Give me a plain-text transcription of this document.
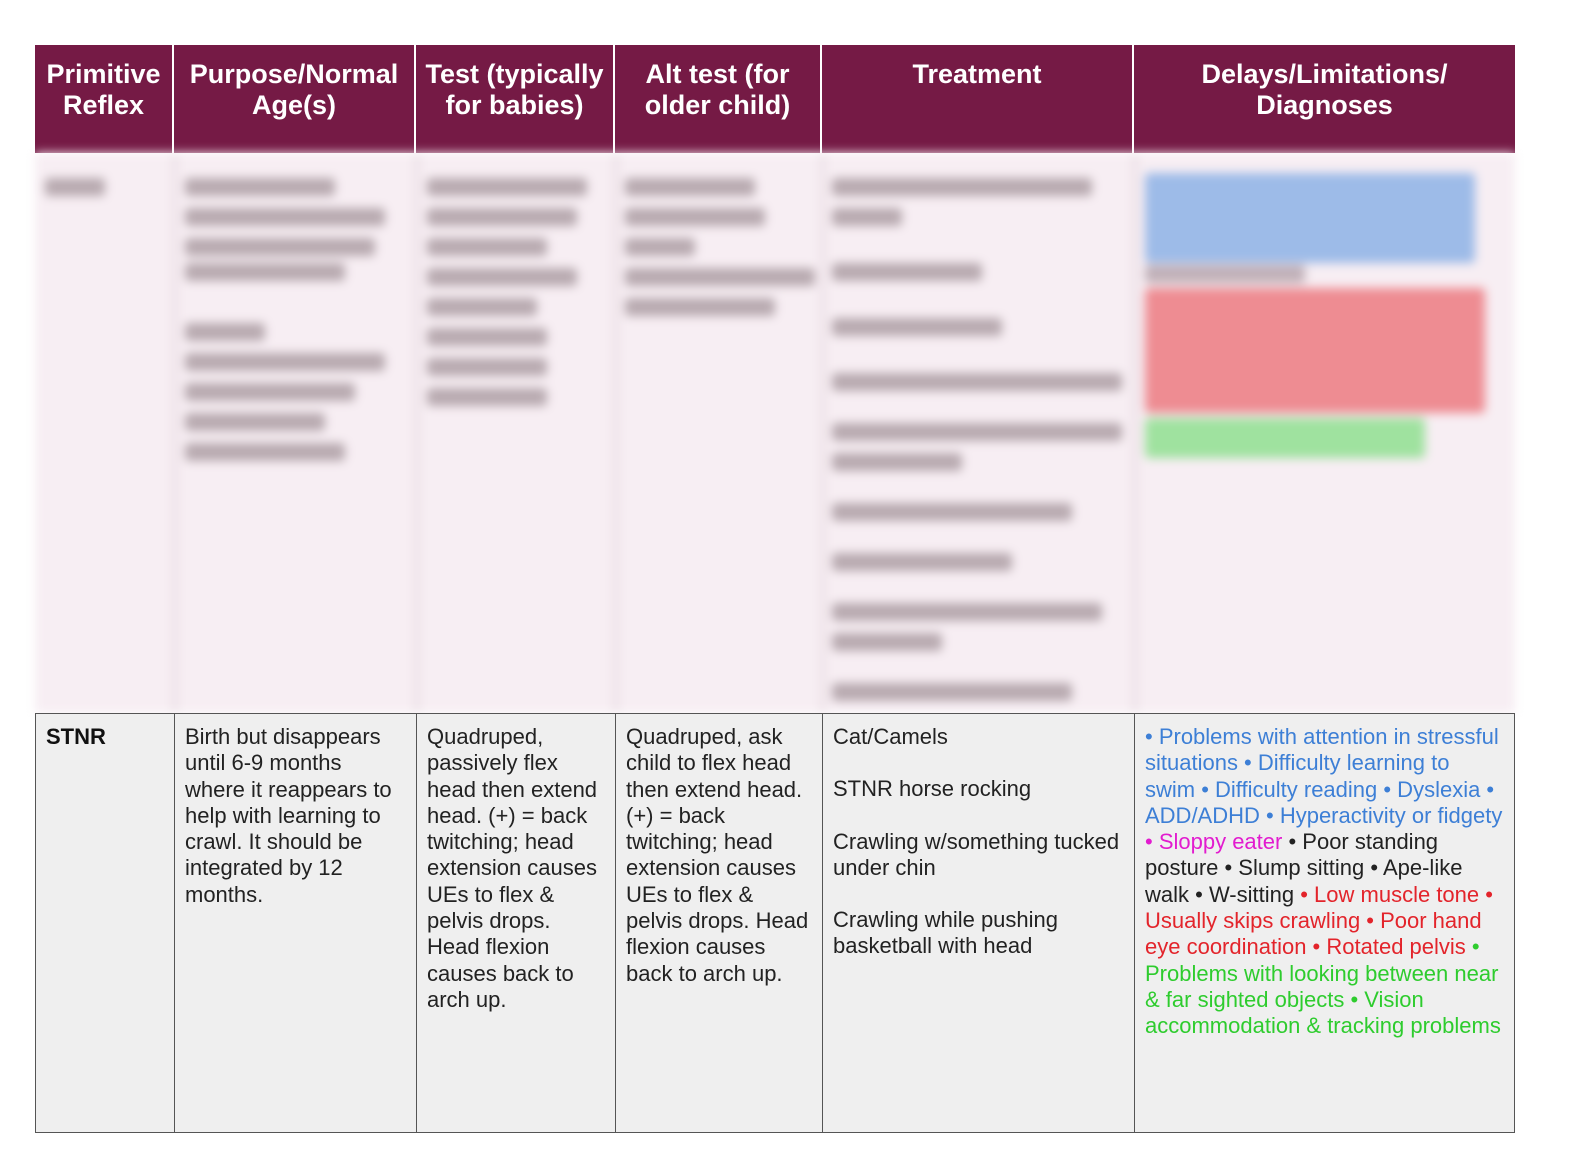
Primitive Reflex
Purpose/Normal Age(s)
Test (typically for babies)
Alt test (for older child)
Treatment	Delays/Limitations/ Diagnoses
STNR	Birth but disappears until 6-9 months where it reappears to help with learning to crawl. It should be integrated by 12 months.
Quadruped, passively flex head then extend head. (+) = back twitching; head extension causes UEs to flex & pelvis drops. Head flexion causes back to arch up.
Quadruped, ask child to flex head then extend head. (+) = back twitching; head extension causes UEs to flex & pelvis drops. Head flexion causes back to arch up.
Cat/Camels
STNR horse rocking
Crawling w/something tucked under chin
Crawling while pushing basketball with head
• Problems with attention in stressful situations • Difficulty learning to swim • Difficulty reading • Dyslexia • ADD/ADHD • Hyperactivity or fidgety • Sloppy eater • Poor standing posture • Slump sitting • Ape-like walk • W-sitting • Low muscle tone • Usually skips crawling • Poor hand eye coordination • Rotated pelvis • Problems with looking between near & far sighted objects • Vision accommodation & tracking problems
